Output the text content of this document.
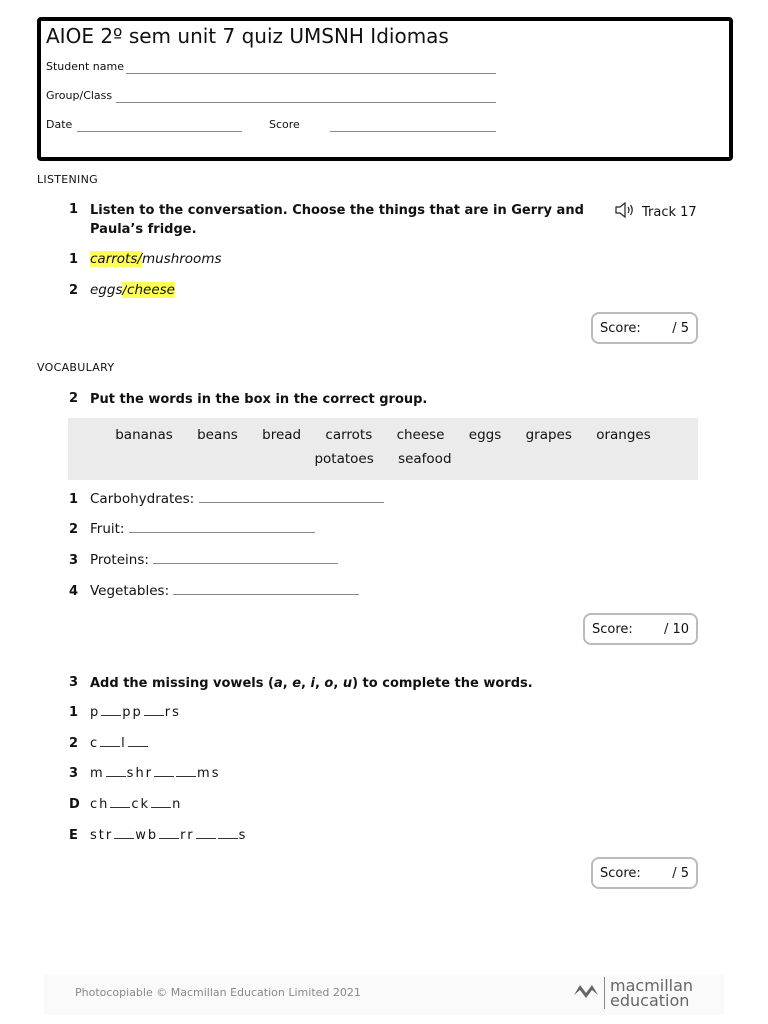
AIOE 2º sem unit 7 quiz UMSNH Idiomas
Student name
Group/Class
Date	Score
LISTENING
1 Listen to the conversation. Choose the things that are in Gerry and Paula’s fridge.
Track 17
1 carrots/mushrooms
2 eggs/cheese
Score: / 5
VOCABULARY
2 Put the words in the box in the correct group.
bananas beans bread carrots cheese eggs grapes oranges
potatoes seafood
1 Carbohydrates:
2 Fruit:
3 Proteins:
4 Vegetables:
Score: / 10
3 Add the missing vowels (a, e, i, o, u) to complete the words.
1 p pp rs
2 c l
3 m shr	ms
D ch ck n
E str wb rr	s
Score: / 5
Photocopiable © Macmillan Education Limited 2021	macmillan
education
